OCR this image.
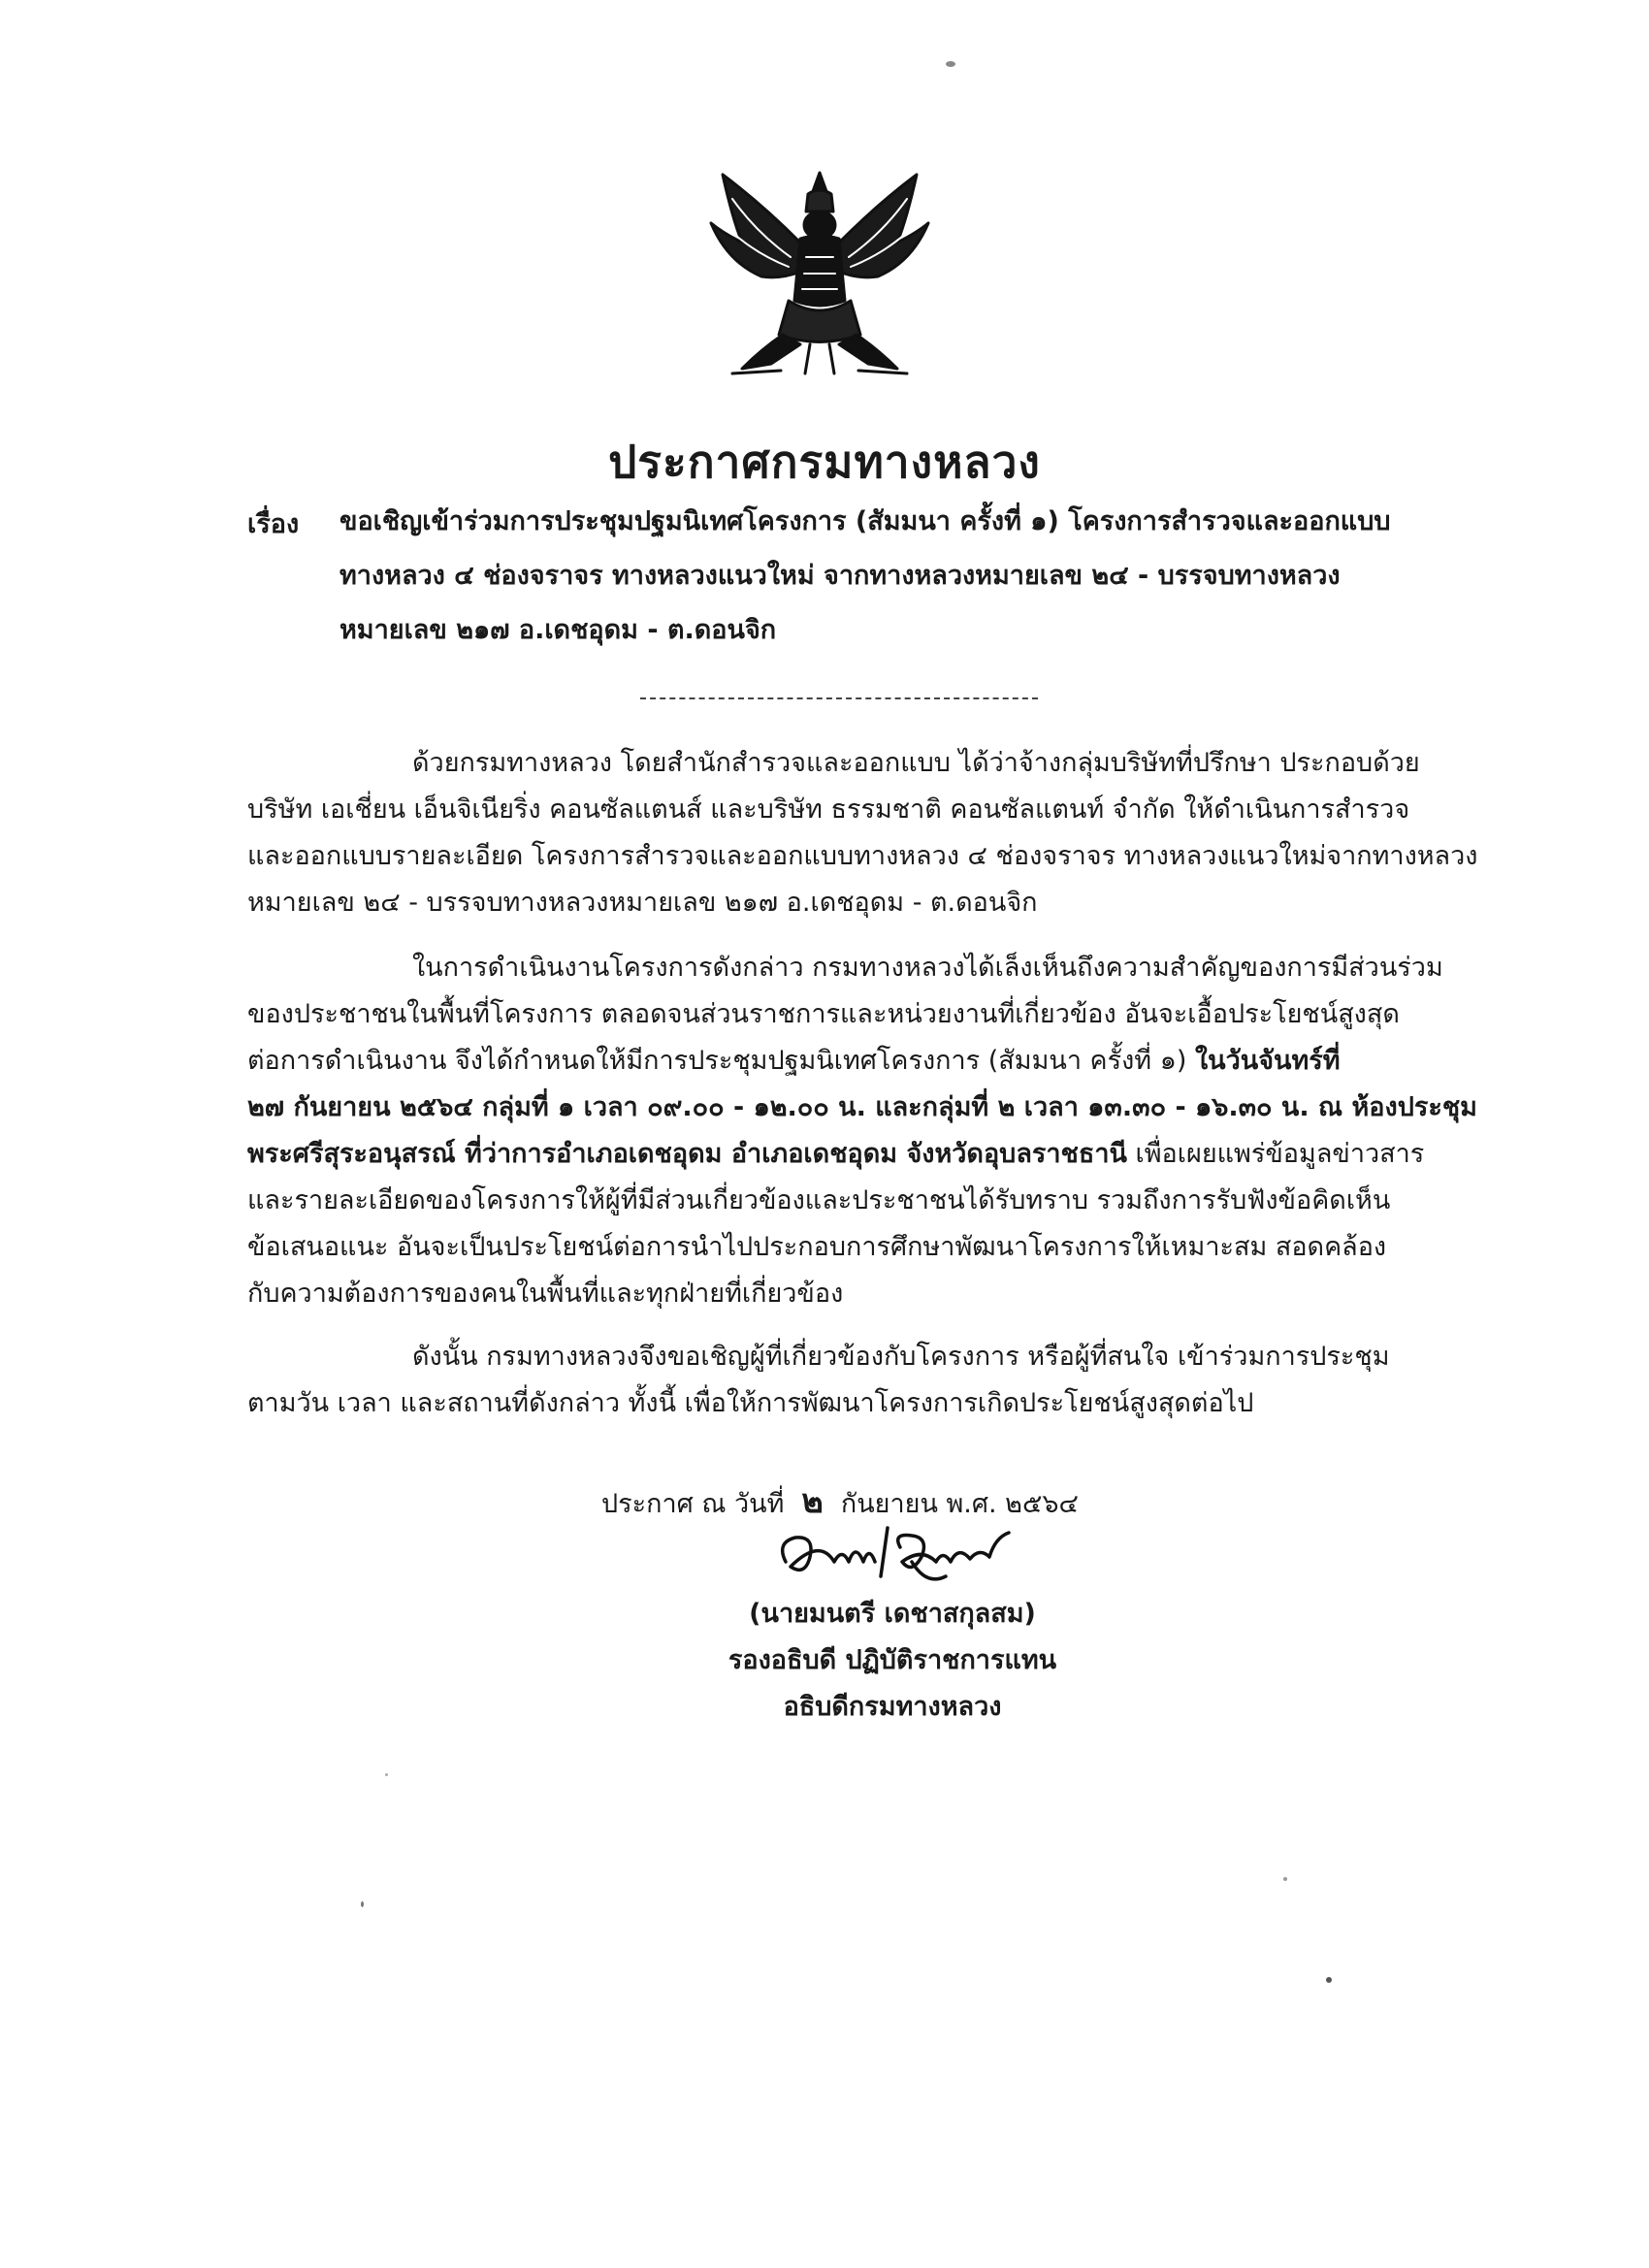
ประกาศกรมทางหลวง
เรื่อง ขอเชิญเข้าร่วมการประชุมปฐมนิเทศโครงการ (สัมมนา ครั้งที่ ๑) โครงการสำรวจและออกแบบ
ทางหลวง ๔ ช่องจราจร ทางหลวงแนวใหม่ จากทางหลวงหมายเลข ๒๔ - บรรจบทางหลวง
หมายเลข ๒๑๗ อ.เดชอุดม - ต.ดอนจิก
ด้วยกรมทางหลวง โดยสำนักสำรวจและออกแบบ ได้ว่าจ้างกลุ่มบริษัทที่ปรึกษา ประกอบด้วย
บริษัท เอเชี่ยน เอ็นจิเนียริ่ง คอนซัลแตนส์ และบริษัท ธรรมชาติ คอนซัลแตนท์ จำกัด ให้ดำเนินการสำรวจ
และออกแบบรายละเอียด โครงการสำรวจและออกแบบทางหลวง ๔ ช่องจราจร ทางหลวงแนวใหม่จากทางหลวง
หมายเลข ๒๔ - บรรจบทางหลวงหมายเลข ๒๑๗ อ.เดชอุดม - ต.ดอนจิก
ในการดำเนินงานโครงการดังกล่าว กรมทางหลวงได้เล็งเห็นถึงความสำคัญของการมีส่วนร่วม
ของประชาชนในพื้นที่โครงการ ตลอดจนส่วนราชการและหน่วยงานที่เกี่ยวข้อง อันจะเอื้อประโยชน์สูงสุด
ต่อการดำเนินงาน จึงได้กำหนดให้มีการประชุมปฐมนิเทศโครงการ (สัมมนา ครั้งที่ ๑) ในวันจันทร์ที่
๒๗ กันยายน ๒๕๖๔ กลุ่มที่ ๑ เวลา ๐๙.๐๐ - ๑๒.๐๐ น. และกลุ่มที่ ๒ เวลา ๑๓.๓๐ - ๑๖.๓๐ น. ณ ห้องประชุม
พระศรีสุระอนุสรณ์ ที่ว่าการอำเภอเดชอุดม อำเภอเดชอุดม จังหวัดอุบลราชธานี เพื่อเผยแพร่ข้อมูลข่าวสาร
และรายละเอียดของโครงการให้ผู้ที่มีส่วนเกี่ยวข้องและประชาชนได้รับทราบ รวมถึงการรับฟังข้อคิดเห็น
ข้อเสนอแนะ อันจะเป็นประโยชน์ต่อการนำไปประกอบการศึกษาพัฒนาโครงการให้เหมาะสม สอดคล้อง
กับความต้องการของคนในพื้นที่และทุกฝ่ายที่เกี่ยวข้อง
ดังนั้น กรมทางหลวงจึงขอเชิญผู้ที่เกี่ยวข้องกับโครงการ หรือผู้ที่สนใจ เข้าร่วมการประชุม
ตามวัน เวลา และสถานที่ดังกล่าว ทั้งนี้ เพื่อให้การพัฒนาโครงการเกิดประโยชน์สูงสุดต่อไป
ประกาศ ณ วันที่ ๒ กันยายน พ.ศ. ๒๕๖๔
(นายมนตรี เดชาสกุลสม)
รองอธิบดี ปฏิบัติราชการแทน
อธิบดีกรมทางหลวง
